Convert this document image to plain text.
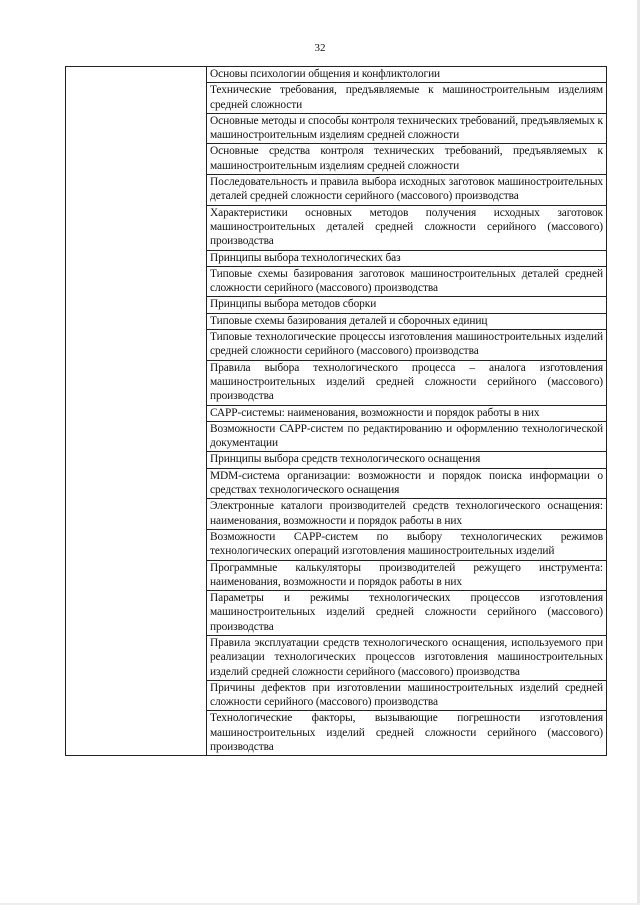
32

Основы психологии общения и конфликтологии

Технические требования, предъявляемые к машиностроительным изделиям средней сложности

Основные методы и способы контроля технических требований, предъявляемых к машиностроительным изделиям средней сложности

Основные средства контроля технических требований, предъявляемых к машиностроительным изделиям средней сложности

Последовательность и правила выбора исходных заготовок машиностроительных деталей средней сложности серийного (массового) производства

Характеристики основных методов получения исходных заготовок машиностроительных деталей средней сложности серийного (массового) производства

Принципы выбора технологических баз

Типовые схемы базирования заготовок машиностроительных деталей средней сложности серийного (массового) производства

Принципы выбора методов сборки

Типовые схемы базирования деталей и сборочных единиц

Типовые технологические процессы изготовления машиностроительных изделий средней сложности серийного (массового) производства

Правила выбора технологического процесса – аналога изготовления машиностроительных изделий средней сложности серийного (массового) производства

САPP-системы: наименования, возможности и порядок работы в них

Возможности САPP-систем по редактированию и оформлению технологической документации

Принципы выбора средств технологического оснащения

MDM-система организации: возможности и порядок поиска информации о средствах технологического оснащения

Электронные каталоги производителей средств технологического оснащения: наименования, возможности и порядок работы в них

Возможности САPP-систем по выбору технологических режимов технологических операций изготовления машиностроительных изделий

Программные калькуляторы производителей режущего инструмента: наименования, возможности и порядок работы в них

Параметры и режимы технологических процессов изготовления машиностроительных изделий средней сложности серийного (массового) производства

Правила эксплуатации средств технологического оснащения, используемого при реализации технологических процессов изготовления машиностроительных изделий средней сложности серийного (массового) производства

Причины дефектов при изготовлении машиностроительных изделий средней сложности серийного (массового) производства

Технологические факторы, вызывающие погрешности изготовления машиностроительных изделий средней сложности серийного (массового) производства
